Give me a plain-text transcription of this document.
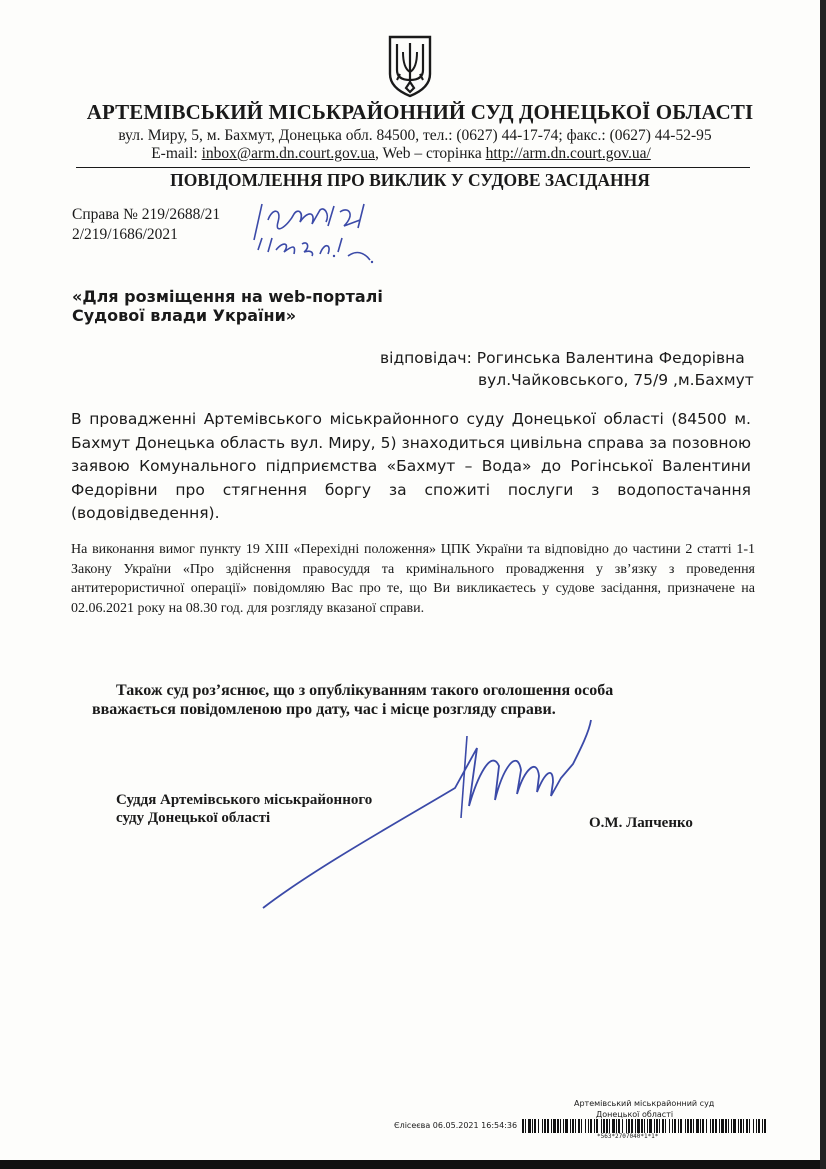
АРТЕМІВСЬКИЙ МІСЬКРАЙОННИЙ СУД ДОНЕЦЬКОЇ ОБЛАСТІ
вул. Миру, 5, м. Бахмут, Донецька обл. 84500, тел.: (0627) 44-17-74; факс.: (0627) 44-52-95
E-mail: inbox@arm.dn.court.gov.ua, Web – сторінка http://arm.dn.court.gov.ua/
ПОВІДОМЛЕННЯ ПРО ВИКЛИК У СУДОВЕ ЗАСІДАННЯ
Справа № 219/2688/21
2/219/1686/2021
«Для розміщення на web-порталі
Судової влади України»
відповідач: Рогинська Валентина Федорівна
вул.Чайковського, 75/9 ,м.Бахмут
В провадженні Артемівського міськрайонного суду Донецької області (84500 м. Бахмут Донецька область вул. Миру, 5) знаходиться цивільна справа за позовною заявою Комунального підприємства «Бахмут – Вода» до Рогінської Валентини Федорівни про стягнення боргу за спожиті послуги з водопостачання (водовідведення).
На виконання вимог пункту 19 XIII «Перехідні положення» ЦПК України та відповідно до частини 2 статті 1-1 Закону України «Про здійснення правосуддя та кримінального провадження у зв’язку з проведення антитерористичної операції» повідомляю Вас про те, що Ви викликаєтесь у судове засідання, призначене на 02.06.2021 року на 08.30 год. для розгляду вказаної справи.
Також суд роз’яснює, що з опублікуванням такого оголошення особа
вважається повідомленою про дату, час і місце розгляду справи.
Суддя Артемівського міськрайонного
суду Донецької області	О.М. Лапченко
Артемівський міськрайонний суд
Донецької області
Єлісеєва 06.05.2021 16:54:36
*563*2707040*1*1*
